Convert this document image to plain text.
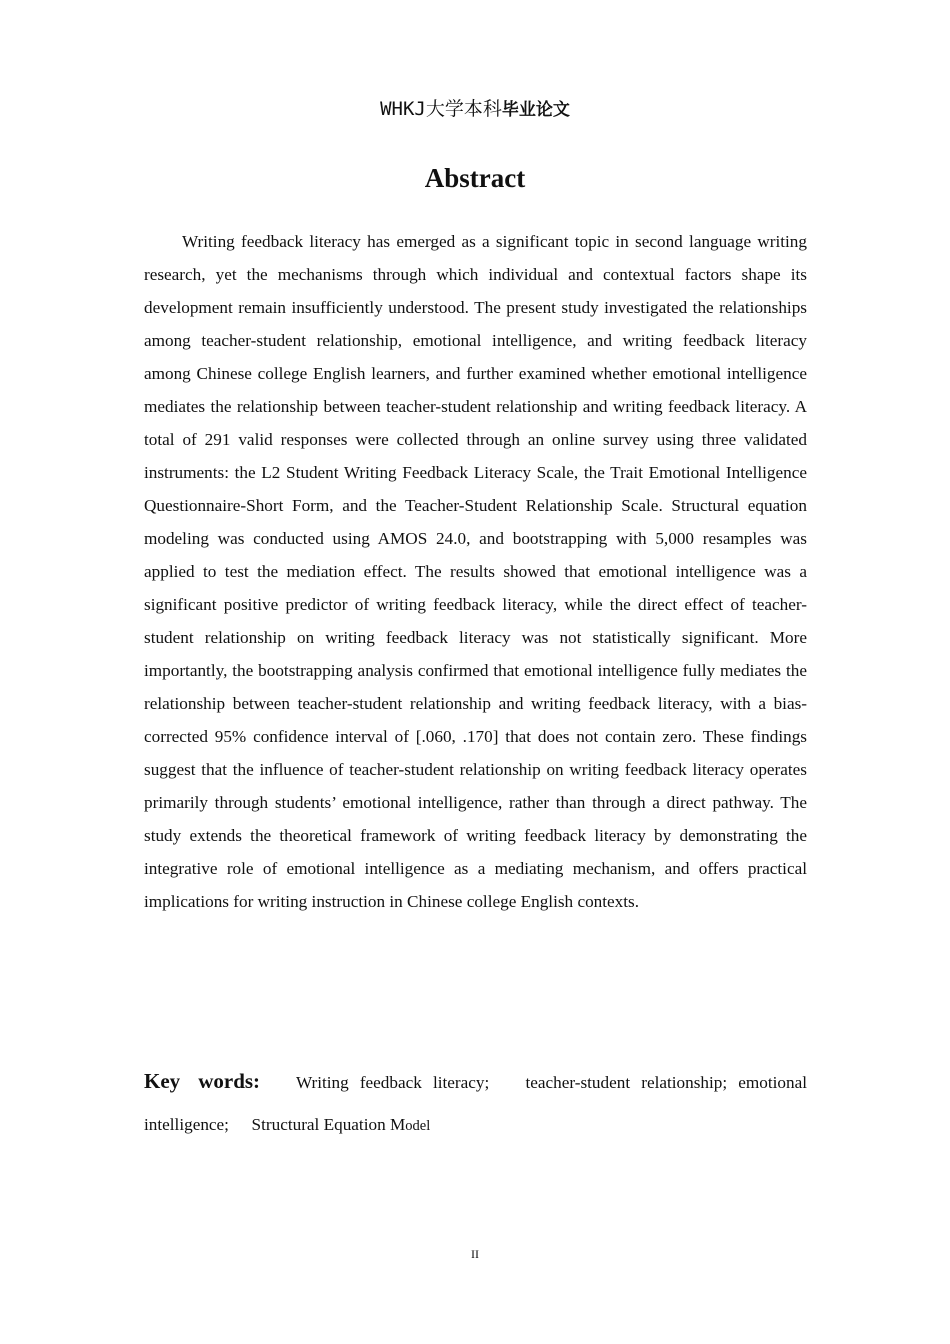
WHKJ大学本科毕业论文
Abstract

Writing feedback literacy has emerged as a significant topic in second language writing research, yet the mechanisms through which individual and contextual factors shape its development remain insufficiently understood. The present study investigated the relationships among teacher-student relationship, emotional intelligence, and writing feedback literacy among Chinese college English learners, and further examined whether emotional intelligence mediates the relationship between teacher-student relationship and writing feedback literacy. A total of 291 valid responses were collected through an online survey using three validated instruments: the L2 Student Writing Feedback Literacy Scale, the Trait Emotional Intelligence Questionnaire-Short Form, and the Teacher-Student Relationship Scale. Structural equation modeling was conducted using AMOS 24.0, and bootstrapping with 5,000 resamples was applied to test the mediation effect. The results showed that emotional intelligence was a significant positive predictor of writing feedback literacy, while the direct effect of teacher-student relationship on writing feedback literacy was not statistically significant. More importantly, the bootstrapping analysis confirmed that emotional intelligence fully mediates the relationship between teacher-student relationship and writing feedback literacy, with a bias-corrected 95% confidence interval of [.060, .170] that does not contain zero. These findings suggest that the influence of teacher-student relationship on writing feedback literacy operates primarily through students’ emotional intelligence, rather than through a direct pathway. The study extends the theoretical framework of writing feedback literacy by demonstrating the integrative role of emotional intelligence as a mediating mechanism, and offers practical implications for writing instruction in Chinese college English contexts.

Key words: Writing feedback literacy; teacher-student relationship; emotional intelligence; Structural Equation Model

II
